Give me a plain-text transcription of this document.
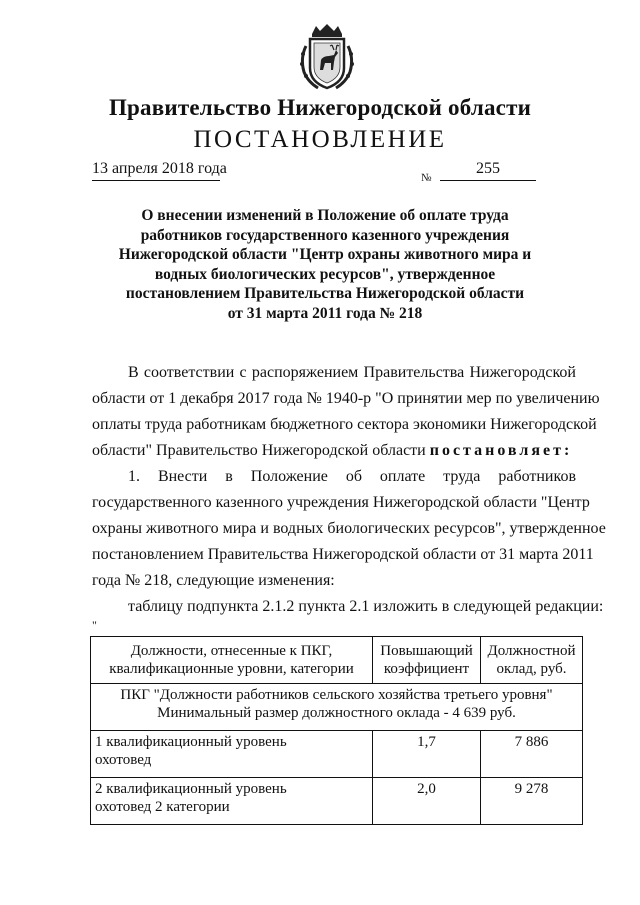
Правительство Нижегородской области
ПОСТАНОВЛЕНИЕ
13 апреля 2018 года
№
255
О внесении изменений в Положение об оплате труда
работников государственного казенного учреждения
Нижегородской области "Центр охраны животного мира и
водных биологических ресурсов", утвержденное
постановлением Правительства Нижегородской области
от 31 марта 2011 года № 218
В соответствии с распоряжением Правительства Нижегородской
области от 1 декабря 2017 года № 1940-р "О принятии мер по увеличению
оплаты труда работникам бюджетного сектора экономики Нижегородской
области" Правительство Нижегородской области постановляет:
1. Внести в Положение об оплате труда работников
государственного казенного учреждения Нижегородской области "Центр
охраны животного мира и водных биологических ресурсов", утвержденное
постановлением Правительства Нижегородской области от 31 марта 2011
года № 218, следующие изменения:
таблицу подпункта 2.1.2 пункта 2.1 изложить в следующей редакции:
"
Должности, отнесенные к ПКГ, квалификационные уровни, категории	Повышающий коэффициент	Должностной оклад, руб.

ПКГ "Должности работников сельского хозяйства третьего уровня"
Минимальный размер должностного оклада - 4 639 руб.		

1 квалификационный уровень
охотовед	1,7	7 886

2 квалификационный уровень
охотовед 2 категории	2,0	9 278
